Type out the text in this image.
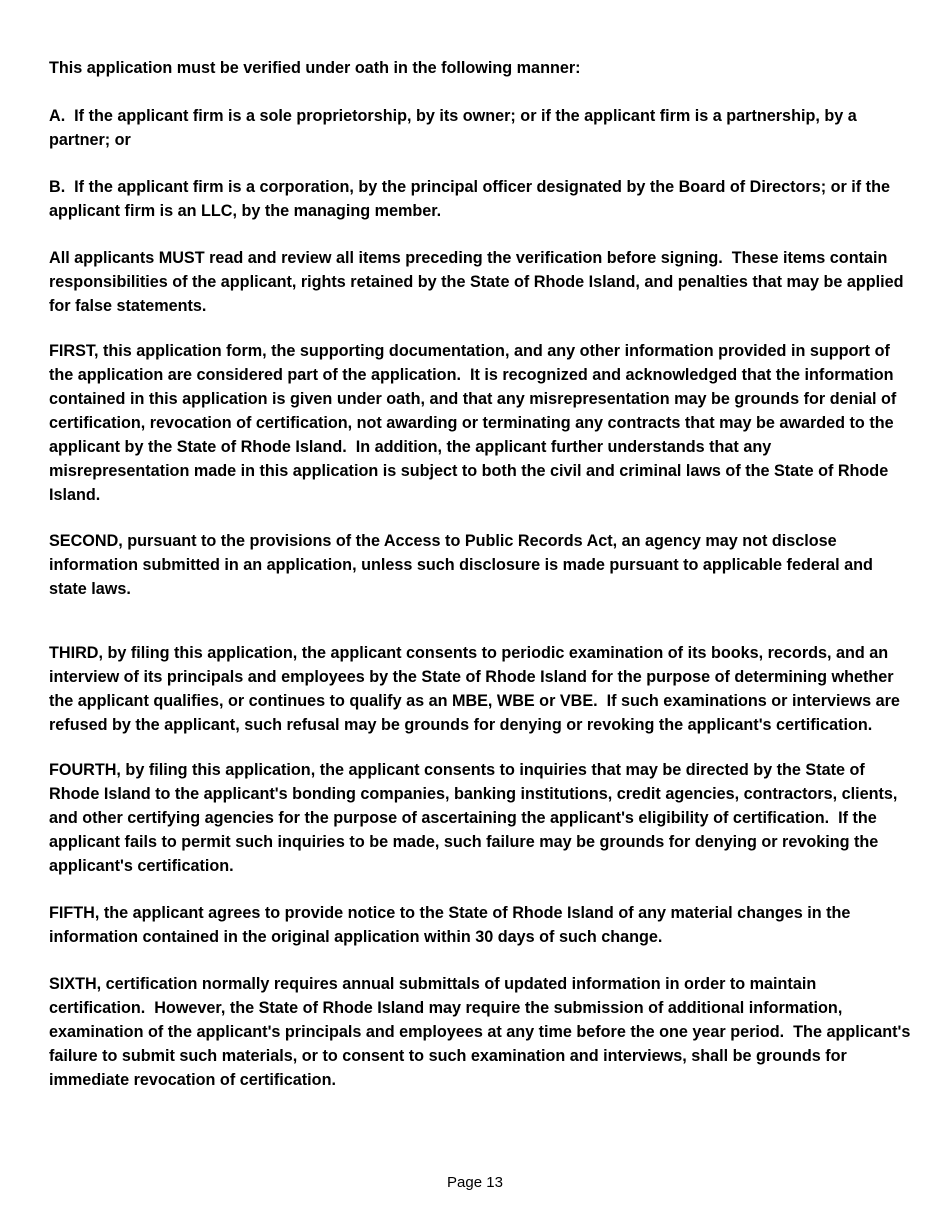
This application must be verified under oath in the following manner:

A.  If the applicant firm is a sole proprietorship, by its owner; or if the applicant firm is a partnership, by a partner; or

B.  If the applicant firm is a corporation, by the principal officer designated by the Board of Directors; or if the applicant firm is an LLC, by the managing member.

All applicants MUST read and review all items preceding the verification before signing.  These items contain responsibilities of the applicant, rights retained by the State of Rhode Island, and penalties that may be applied for false statements.

FIRST, this application form, the supporting documentation, and any other information provided in support of the application are considered part of the application.  It is recognized and acknowledged that the information contained in this application is given under oath, and that any misrepresentation may be grounds for denial of certification, revocation of certification, not awarding or terminating any contracts that may be awarded to the applicant by the State of Rhode Island.  In addition, the applicant further understands that any misrepresentation made in this application is subject to both the civil and criminal laws of the State of Rhode Island.

SECOND, pursuant to the provisions of the Access to Public Records Act, an agency may not disclose information submitted in an application, unless such disclosure is made pursuant to applicable federal and state laws.

THIRD, by filing this application, the applicant consents to periodic examination of its books, records, and an interview of its principals and employees by the State of Rhode Island for the purpose of determining whether the applicant qualifies, or continues to qualify as an MBE, WBE or VBE.  If such examinations or interviews are refused by the applicant, such refusal may be grounds for denying or revoking the applicant's certification.

FOURTH, by filing this application, the applicant consents to inquiries that may be directed by the State of Rhode Island to the applicant's bonding companies, banking institutions, credit agencies, contractors, clients, and other certifying agencies for the purpose of ascertaining the applicant's eligibility of certification.  If the applicant fails to permit such inquiries to be made, such failure may be grounds for denying or revoking the applicant's certification.

FIFTH, the applicant agrees to provide notice to the State of Rhode Island of any material changes in the information contained in the original application within 30 days of such change.

SIXTH, certification normally requires annual submittals of updated information in order to maintain certification.  However, the State of Rhode Island may require the submission of additional information, examination of the applicant's principals and employees at any time before the one year period.  The applicant's failure to submit such materials, or to consent to such examination and interviews, shall be grounds for immediate revocation of certification.

Page 13
